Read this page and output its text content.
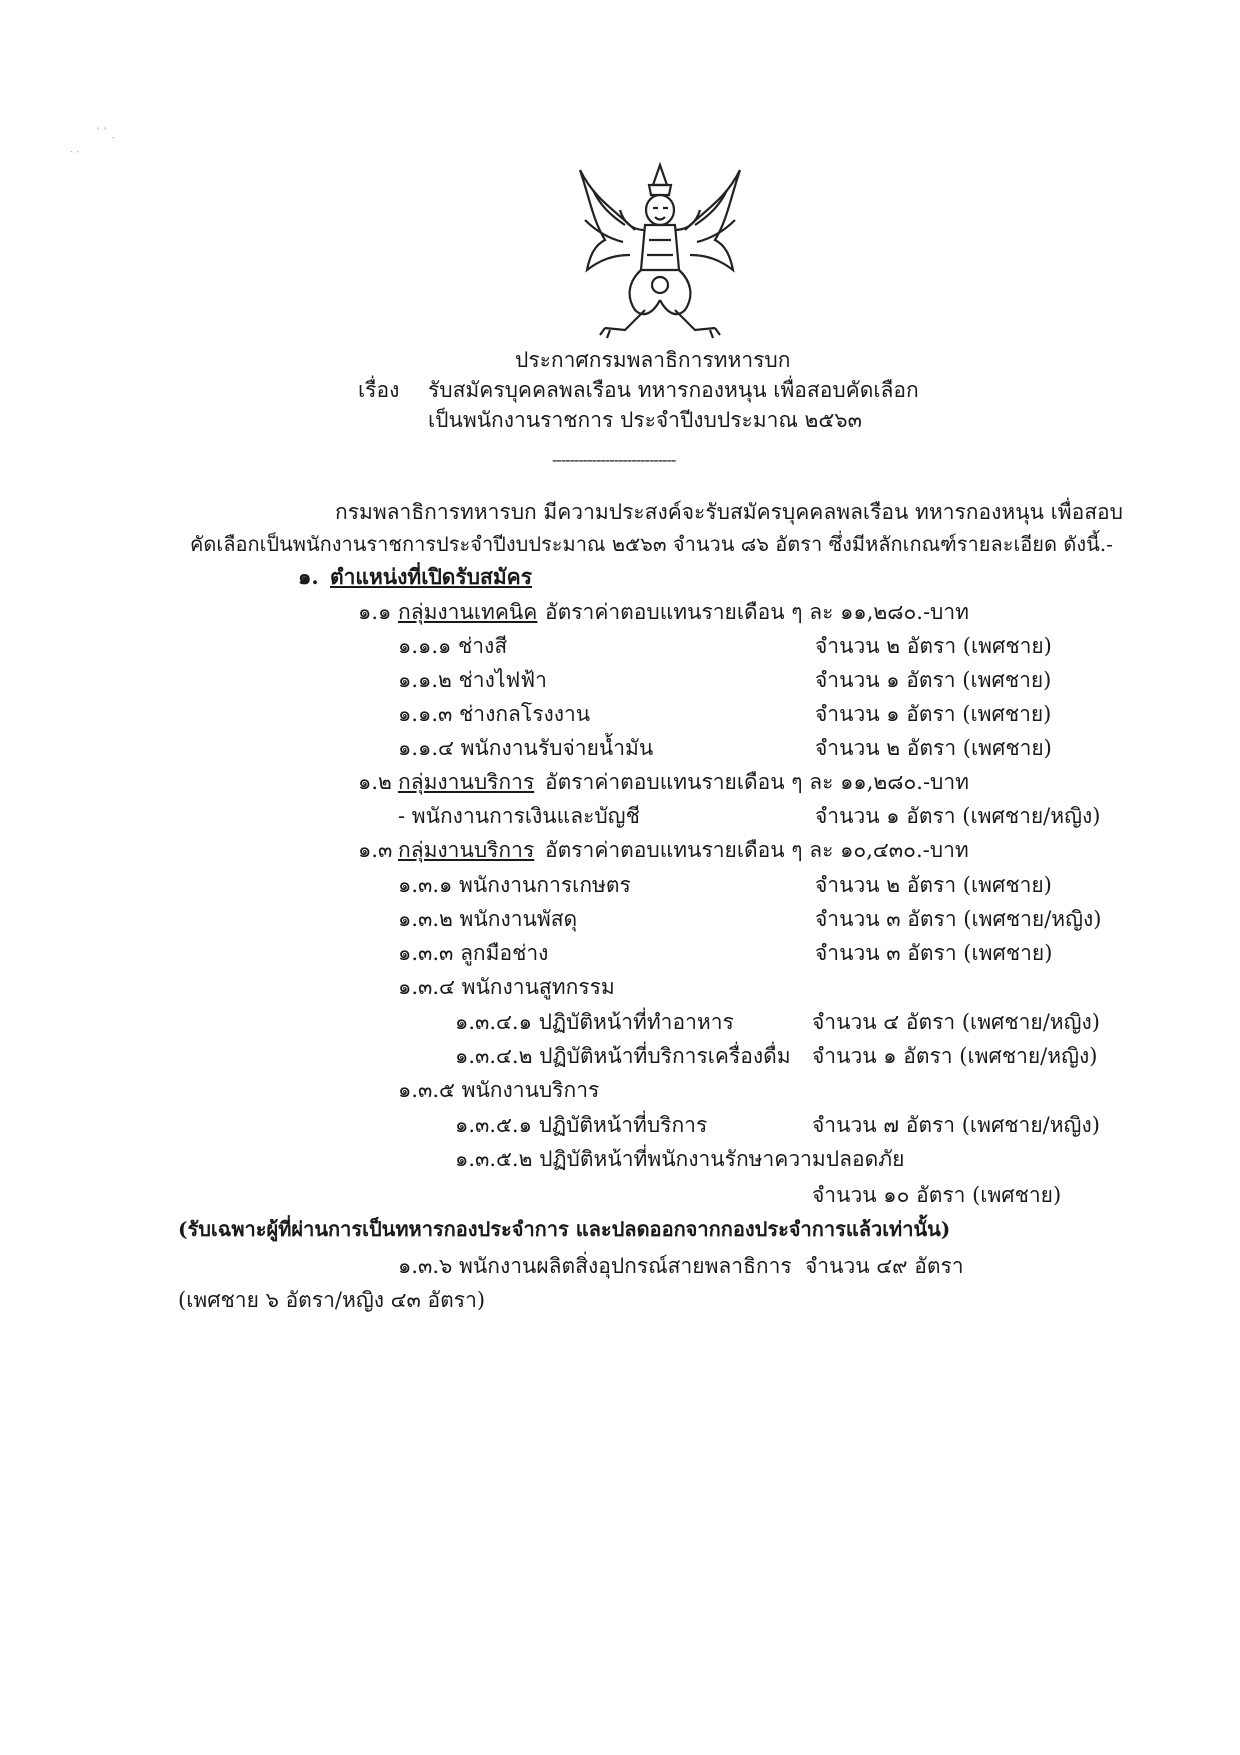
ˏ ˎ
ˊ ˋ ˏ
ประกาศกรมพลาธิการทหารบก
เรื่อง รับสมัครบุคคลพลเรือน ทหารกองหนุน เพื่อสอบคัดเลือก
เป็นพนักงานราชการ ประจำปีงบประมาณ ๒๕๖๓
----------------------------
กรมพลาธิการทหารบก มีความประสงค์จะรับสมัครบุคคลพลเรือน ทหารกองหนุน เพื่อสอบ
คัดเลือกเป็นพนักงานราชการประจำปีงบประมาณ ๒๕๖๓ จำนวน ๘๖ อัตรา ซึ่งมีหลักเกณฑ์รายละเอียด ดังนี้.-
๑. ตำแหน่งที่เปิดรับสมัคร
๑.๑ กลุ่มงานเทคนิค อัตราค่าตอบแทนรายเดือน ๆ ละ ๑๑,๒๘๐.-บาท
๑.๑.๑ ช่างสี	จำนวน ๒ อัตรา (เพศชาย)
๑.๑.๒ ช่างไฟฟ้า	จำนวน ๑ อัตรา (เพศชาย)
๑.๑.๓ ช่างกลโรงงาน	จำนวน ๑ อัตรา (เพศชาย)
๑.๑.๔ พนักงานรับจ่ายน้ำมัน	จำนวน ๒ อัตรา (เพศชาย)
๑.๒ กลุ่มงานบริการ อัตราค่าตอบแทนรายเดือน ๆ ละ ๑๑,๒๘๐.-บาท
- พนักงานการเงินและบัญชี	จำนวน ๑ อัตรา (เพศชาย/หญิง)
๑.๓ กลุ่มงานบริการ อัตราค่าตอบแทนรายเดือน ๆ ละ ๑๐,๔๓๐.-บาท
๑.๓.๑ พนักงานการเกษตร	จำนวน ๒ อัตรา (เพศชาย)
๑.๓.๒ พนักงานพัสดุ	จำนวน ๓ อัตรา (เพศชาย/หญิง)
๑.๓.๓ ลูกมือช่าง	จำนวน ๓ อัตรา (เพศชาย)
๑.๓.๔ พนักงานสูทกรรม
๑.๓.๔.๑ ปฏิบัติหน้าที่ทำอาหาร	จำนวน ๔ อัตรา (เพศชาย/หญิง)
๑.๓.๔.๒ ปฏิบัติหน้าที่บริการเครื่องดื่ม จำนวน ๑ อัตรา (เพศชาย/หญิง)
๑.๓.๕ พนักงานบริการ
๑.๓.๕.๑ ปฏิบัติหน้าที่บริการ	จำนวน ๗ อัตรา (เพศชาย/หญิง)
๑.๓.๕.๒ ปฏิบัติหน้าที่พนักงานรักษาความปลอดภัย
จำนวน ๑๐ อัตรา (เพศชาย)
(รับเฉพาะผู้ที่ผ่านการเป็นทหารกองประจำการ และปลดออกจากกองประจำการแล้วเท่านั้น)
๑.๓.๖ พนักงานผลิตสิ่งอุปกรณ์สายพลาธิการ จำนวน ๔๙ อัตรา
(เพศชาย ๖ อัตรา/หญิง ๔๓ อัตรา)
